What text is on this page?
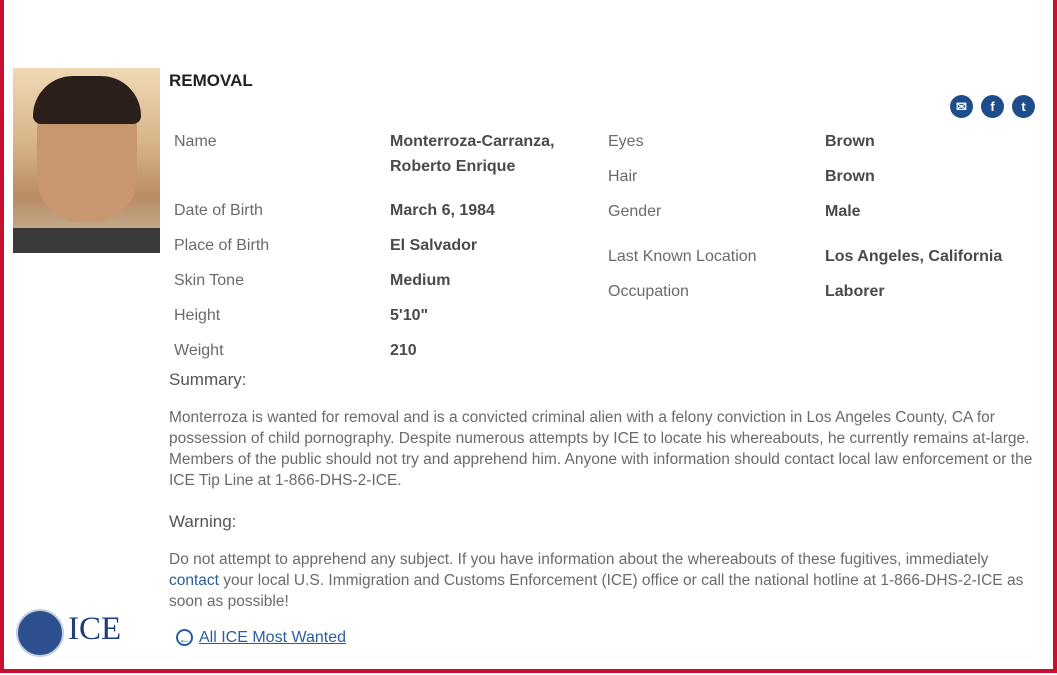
REMOVAL
✉	f	t
Name	Monterroza-Carranza,
Roberto Enrique
Date of Birth	March 6, 1984
Place of Birth	El Salvador
Skin Tone	Medium
Height	5'10"
Weight	210
Eyes	Brown
Hair	Brown
Gender	Male
Last Known Location	Los Angeles, California
Occupation	Laborer
Summary:
Monterroza is wanted for removal and is a convicted criminal alien with a felony conviction in Los Angeles County, CA for possession of child pornography. Despite numerous attempts by ICE to locate his whereabouts, he currently remains at-large. Members of the public should not try and apprehend him. Anyone with information should contact local law enforcement or the ICE Tip Line at 1-866-DHS-2-ICE.
Warning:
Do not attempt to apprehend any subject. If you have information about the whereabouts of these fugitives, immediately contact your local U.S. Immigration and Customs Enforcement (ICE) office or call the national hotline at 1-866-DHS-2-ICE as soon as possible!
ICE	← All ICE Most Wanted
